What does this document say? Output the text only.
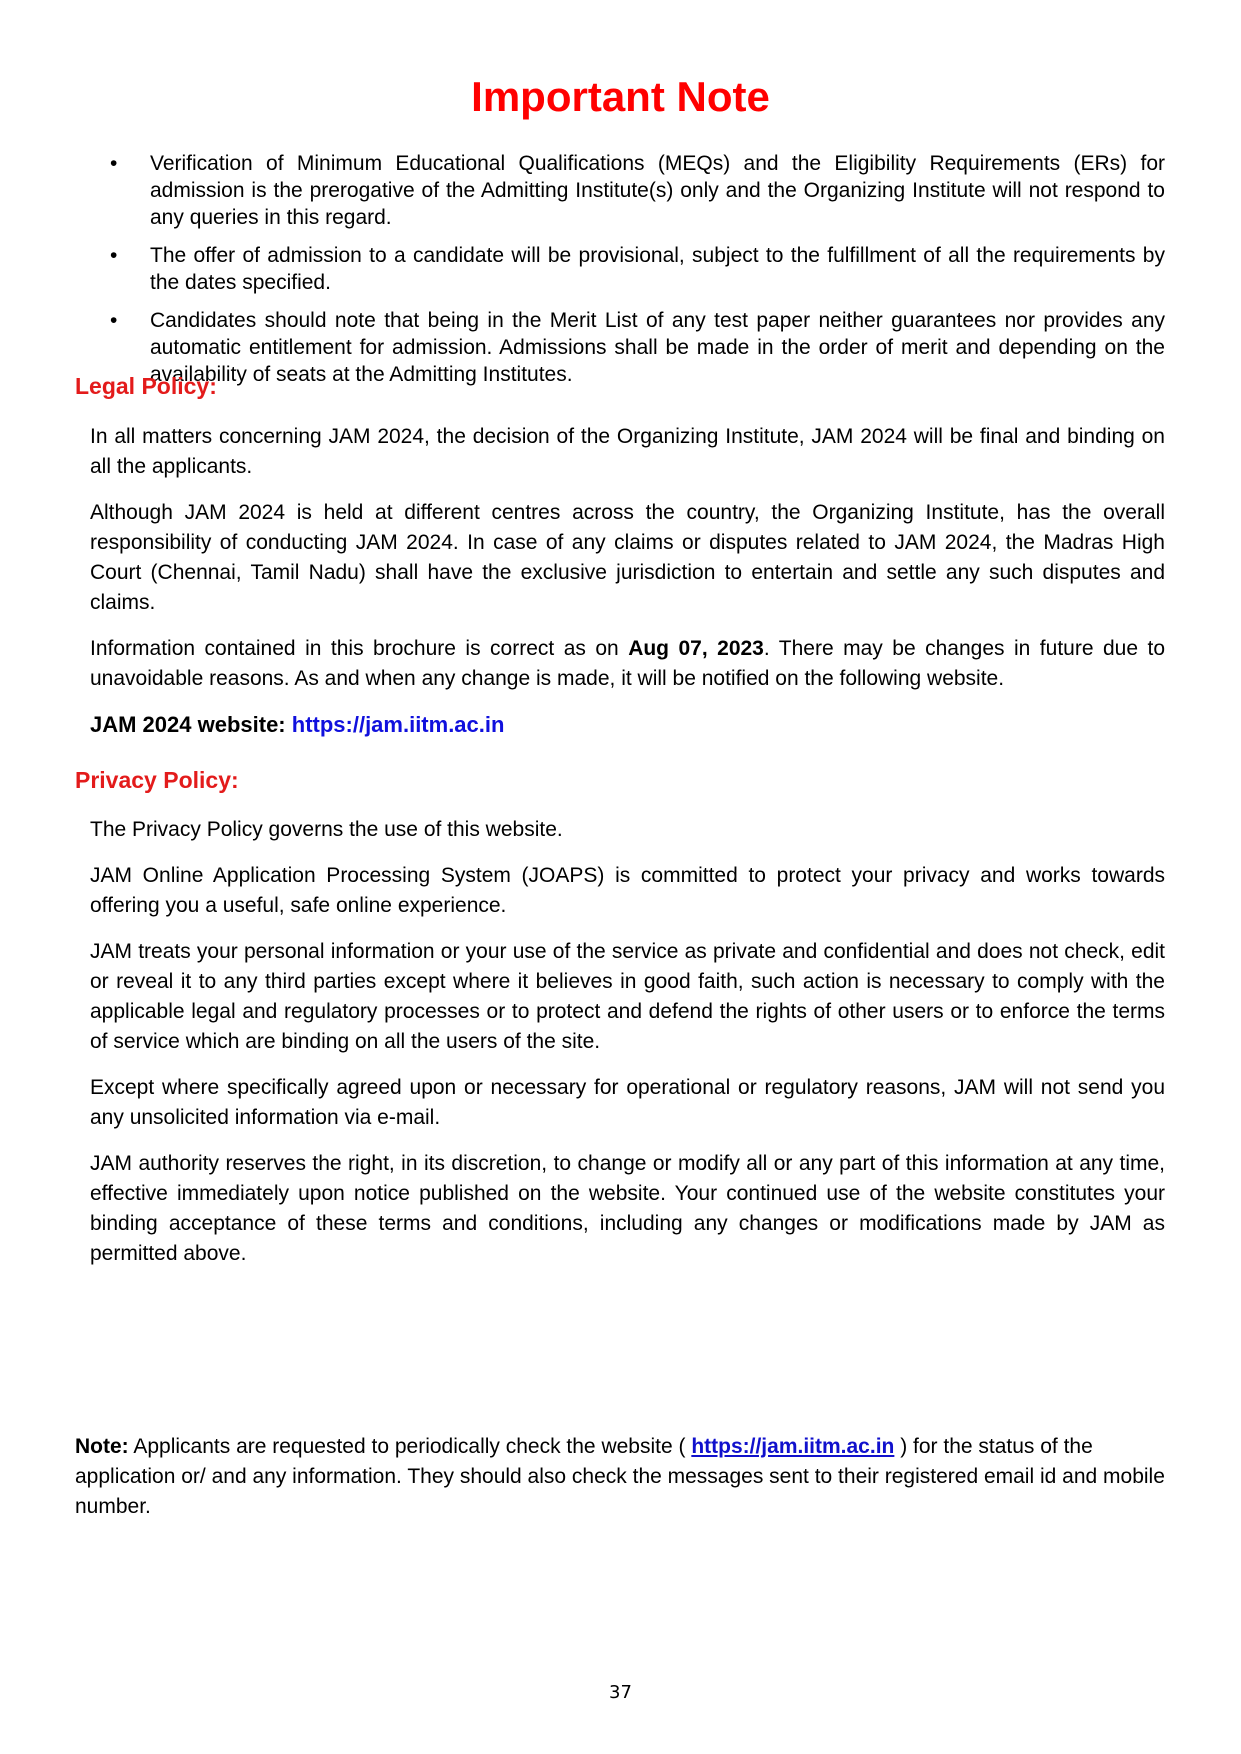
Important Note
• Verification of Minimum Educational Qualifications (MEQs) and the Eligibility Requirements (ERs) for admission is the prerogative of the Admitting Institute(s) only and the Organizing Institute will not respond to any queries in this regard.
• The offer of admission to a candidate will be provisional, subject to the fulfillment of all the requirements by the dates specified.
• Candidates should note that being in the Merit List of any test paper neither guarantees nor provides any automatic entitlement for admission. Admissions shall be made in the order of merit and depending on the availability of seats at the Admitting Institutes.
Legal Policy:

In all matters concerning JAM 2024, the decision of the Organizing Institute, JAM 2024 will be final and binding on all the applicants.

Although JAM 2024 is held at different centres across the country, the Organizing Institute, has the overall responsibility of conducting JAM 2024. In case of any claims or disputes related to JAM 2024, the Madras High Court (Chennai, Tamil Nadu) shall have the exclusive jurisdiction to entertain and settle any such disputes and claims.

Information contained in this brochure is correct as on Aug 07, 2023. There may be changes in future due to unavoidable reasons. As and when any change is made, it will be notified on the following website.

JAM 2024 website: https://jam.iitm.ac.in

Privacy Policy:

The Privacy Policy governs the use of this website.

JAM Online Application Processing System (JOAPS) is committed to protect your privacy and works towards offering you a useful, safe online experience.

JAM treats your personal information or your use of the service as private and confidential and does not check, edit or reveal it to any third parties except where it believes in good faith, such action is necessary to comply with the applicable legal and regulatory processes or to protect and defend the rights of other users or to enforce the terms of service which are binding on all the users of the site.

Except where specifically agreed upon or necessary for operational or regulatory reasons, JAM will not send you any unsolicited information via e-mail.

JAM authority reserves the right, in its discretion, to change or modify all or any part of this information at any time, effective immediately upon notice published on the website. Your continued use of the website constitutes your binding acceptance of these terms and conditions, including any changes or modifications made by JAM as permitted above.

Note: Applicants are requested to periodically check the website ( https://jam.iitm.ac.in ) for the status of the application or/ and any information. They should also check the messages sent to their registered email id and mobile number.

37
